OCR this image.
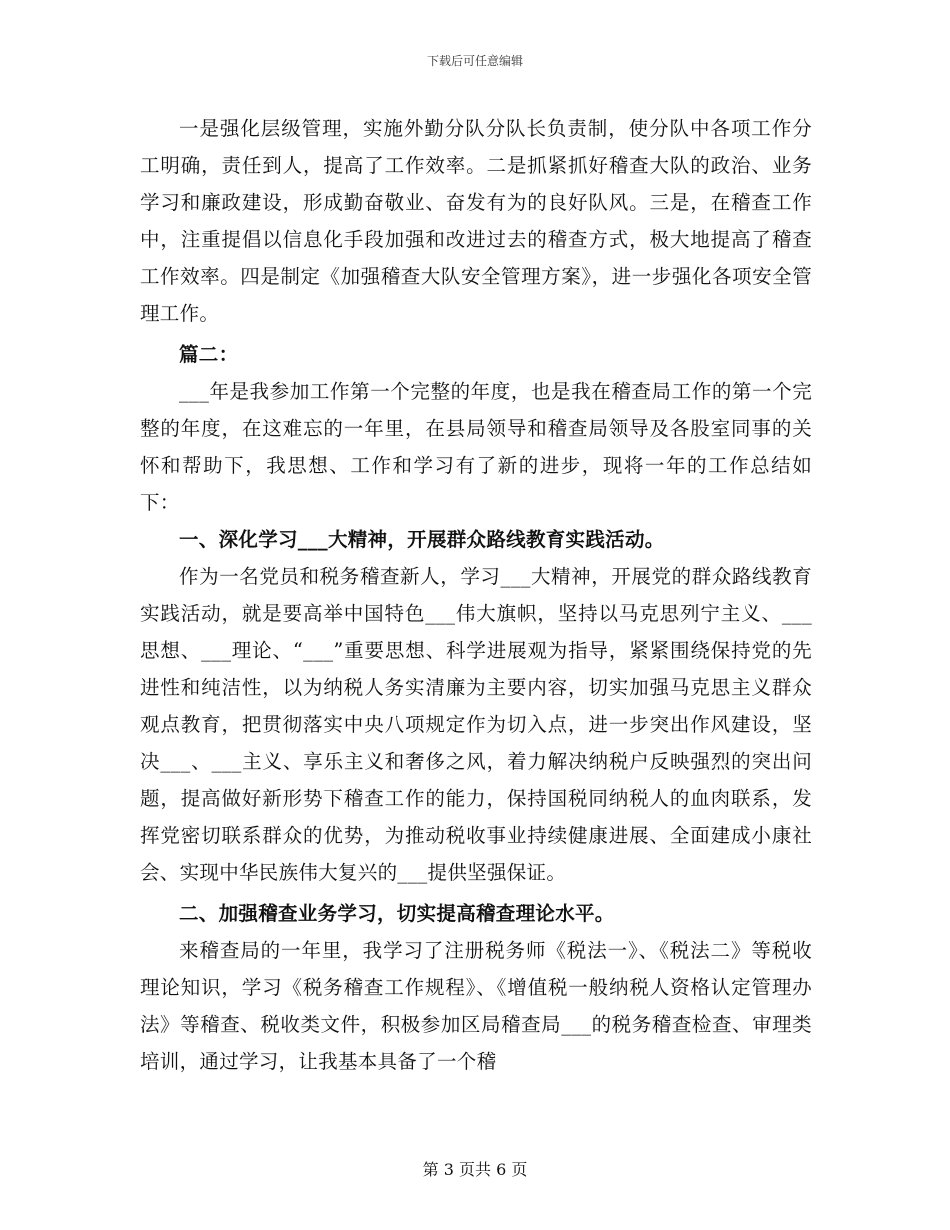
下载后可任意编辑

一是强化层级管理，实施外勤分队分队长负责制，使分队中各项工作分工明确，责任到人，提高了工作效率。二是抓紧抓好稽查大队的政治、业务学习和廉政建设，形成勤奋敬业、奋发有为的良好队风。三是，在稽查工作中，注重提倡以信息化手段加强和改进过去的稽查方式，极大地提高了稽查工作效率。四是制定《加强稽查大队安全管理方案》，进一步强化各项安全管理工作。

篇二：

___年是我参加工作第一个完整的年度，也是我在稽查局工作的第一个完整的年度，在这难忘的一年里，在县局领导和稽查局领导及各股室同事的关怀和帮助下，我思想、工作和学习有了新的进步，现将一年的工作总结如下：

一、深化学习___大精神，开展群众路线教育实践活动。

作为一名党员和税务稽查新人，学习___大精神，开展党的群众路线教育实践活动，就是要高举中国特色___伟大旗帜，坚持以马克思列宁主义、___思想、___理论、“___”重要思想、科学进展观为指导，紧紧围绕保持党的先进性和纯洁性，以为纳税人务实清廉为主要内容，切实加强马克思主义群众观点教育，把贯彻落实中央八项规定作为切入点，进一步突出作风建设，坚决___、___主义、享乐主义和奢侈之风，着力解决纳税户反映强烈的突出问题，提高做好新形势下稽查工作的能力，保持国税同纳税人的血肉联系，发挥党密切联系群众的优势，为推动税收事业持续健康进展、全面建成小康社会、实现中华民族伟大复兴的___提供坚强保证。

二、加强稽查业务学习，切实提高稽查理论水平。

来稽查局的一年里，我学习了注册税务师《税法一》、《税法二》等税收理论知识，学习《税务稽查工作规程》、《增值税一般纳税人资格认定管理办法》等稽查、税收类文件，积极参加区局稽查局___的税务稽查检查、审理类培训，通过学习，让我基本具备了一个稽

第 3 页共 6 页
